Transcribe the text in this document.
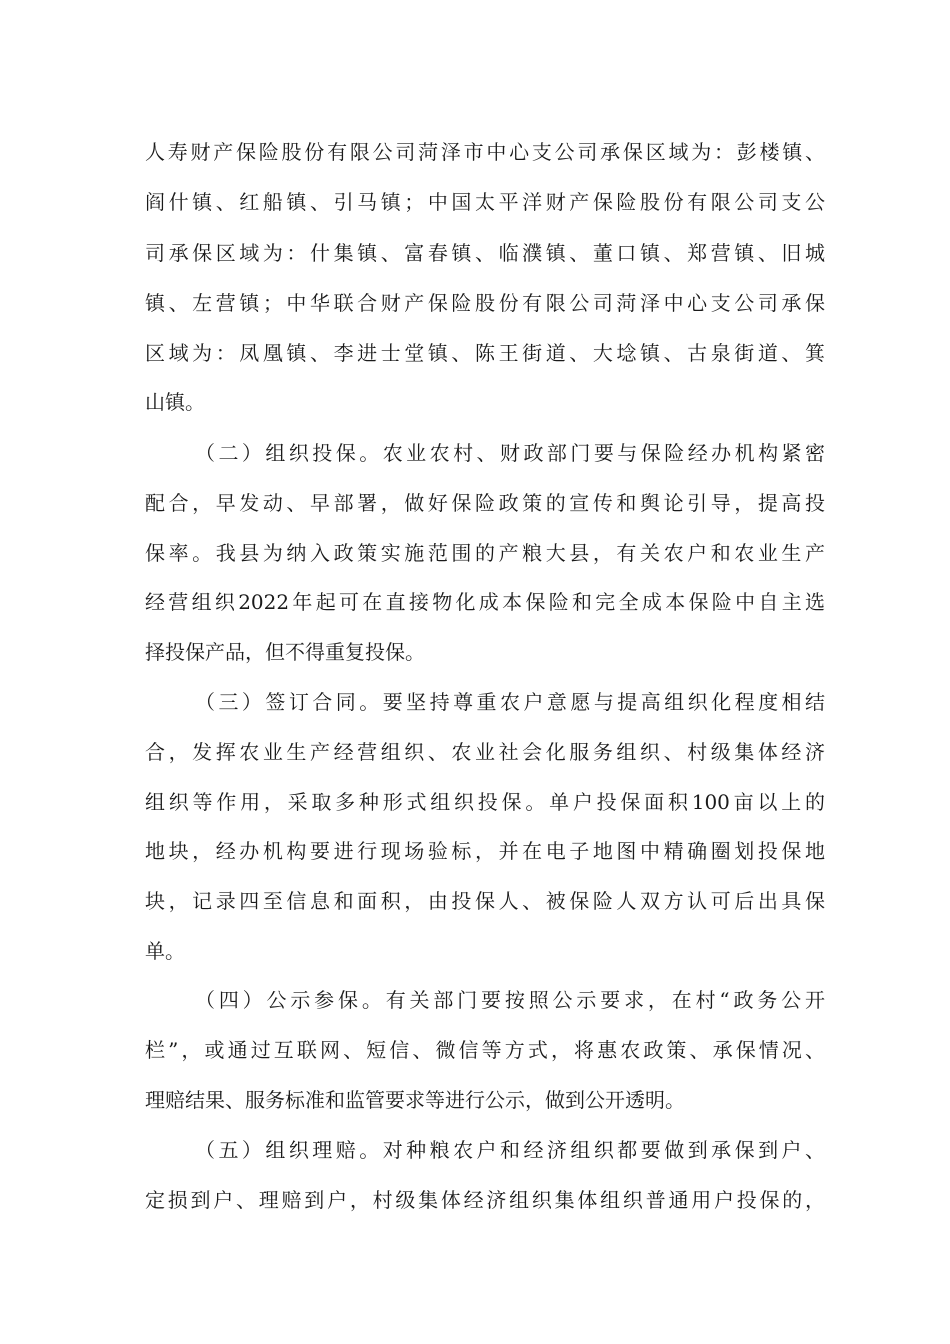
人寿财产保险股份有限公司菏泽市中心支公司承保区域为：彭楼镇、
阎什镇、红船镇、引马镇；中国太平洋财产保险股份有限公司支公
司承保区域为：什集镇、富春镇、临濮镇、董口镇、郑营镇、旧城
镇、左营镇；中华联合财产保险股份有限公司菏泽中心支公司承保
区域为：凤凰镇、李进士堂镇、陈王街道、大埝镇、古泉街道、箕
山镇。
（二）组织投保。农业农村、财政部门要与保险经办机构紧密
配合，早发动、早部署，做好保险政策的宣传和舆论引导，提高投
保率。我县为纳入政策实施范围的产粮大县，有关农户和农业生产
经营组织2022年起可在直接物化成本保险和完全成本保险中自主选
择投保产品，但不得重复投保。
（三）签订合同。要坚持尊重农户意愿与提高组织化程度相结
合，发挥农业生产经营组织、农业社会化服务组织、村级集体经济
组织等作用，采取多种形式组织投保。单户投保面积100亩以上的
地块，经办机构要进行现场验标，并在电子地图中精确圈划投保地
块，记录四至信息和面积，由投保人、被保险人双方认可后出具保
单。
（四）公示参保。有关部门要按照公示要求，在村“政务公开
栏”，或通过互联网、短信、微信等方式，将惠农政策、承保情况、
理赔结果、服务标准和监管要求等进行公示，做到公开透明。
（五）组织理赔。对种粮农户和经济组织都要做到承保到户、
定损到户、理赔到户，村级集体经济组织集体组织普通用户投保的，
